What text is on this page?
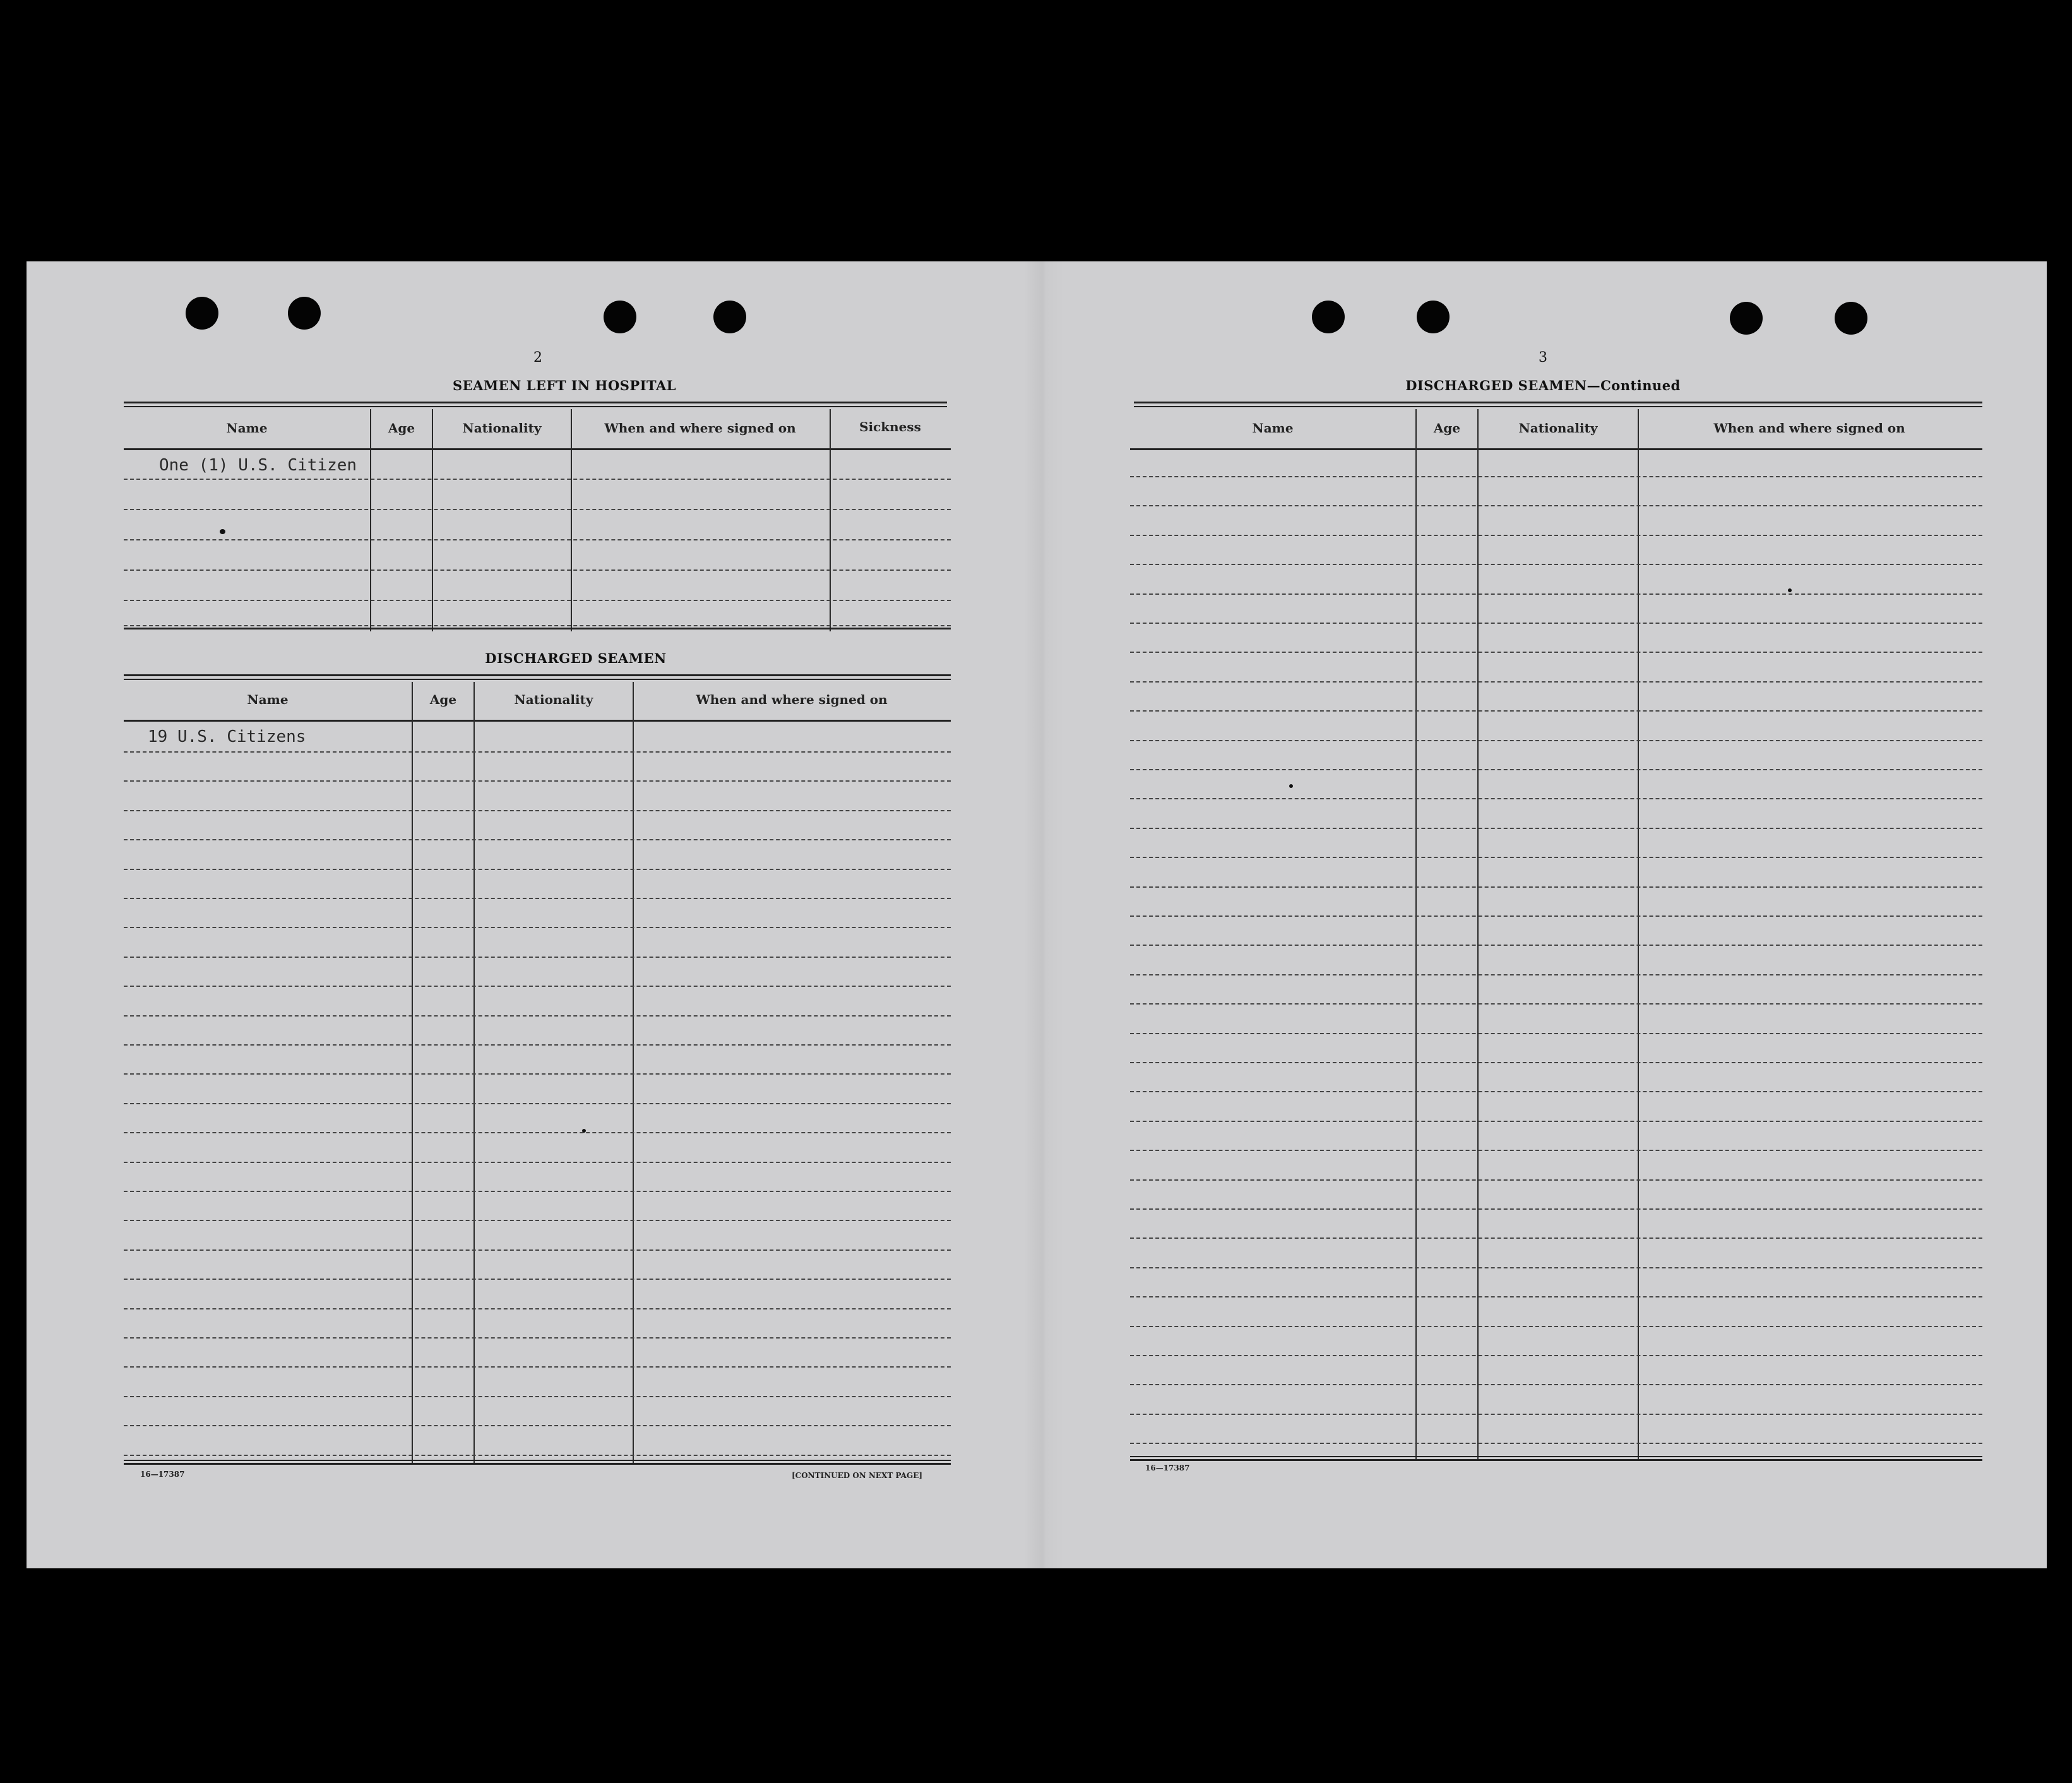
2
SEAMEN LEFT IN HOSPITAL
Name	Age	Nationality	When and where signed on	Sickness
One (1) U.S. Citizen
DISCHARGED SEAMEN
Name	Age	Nationality	When and where signed on
19 U.S. Citizens
16—17387	[CONTINUED ON NEXT PAGE]
3
DISCHARGED SEAMEN—Continued
Name	Age	Nationality	When and where signed on
16—17387
